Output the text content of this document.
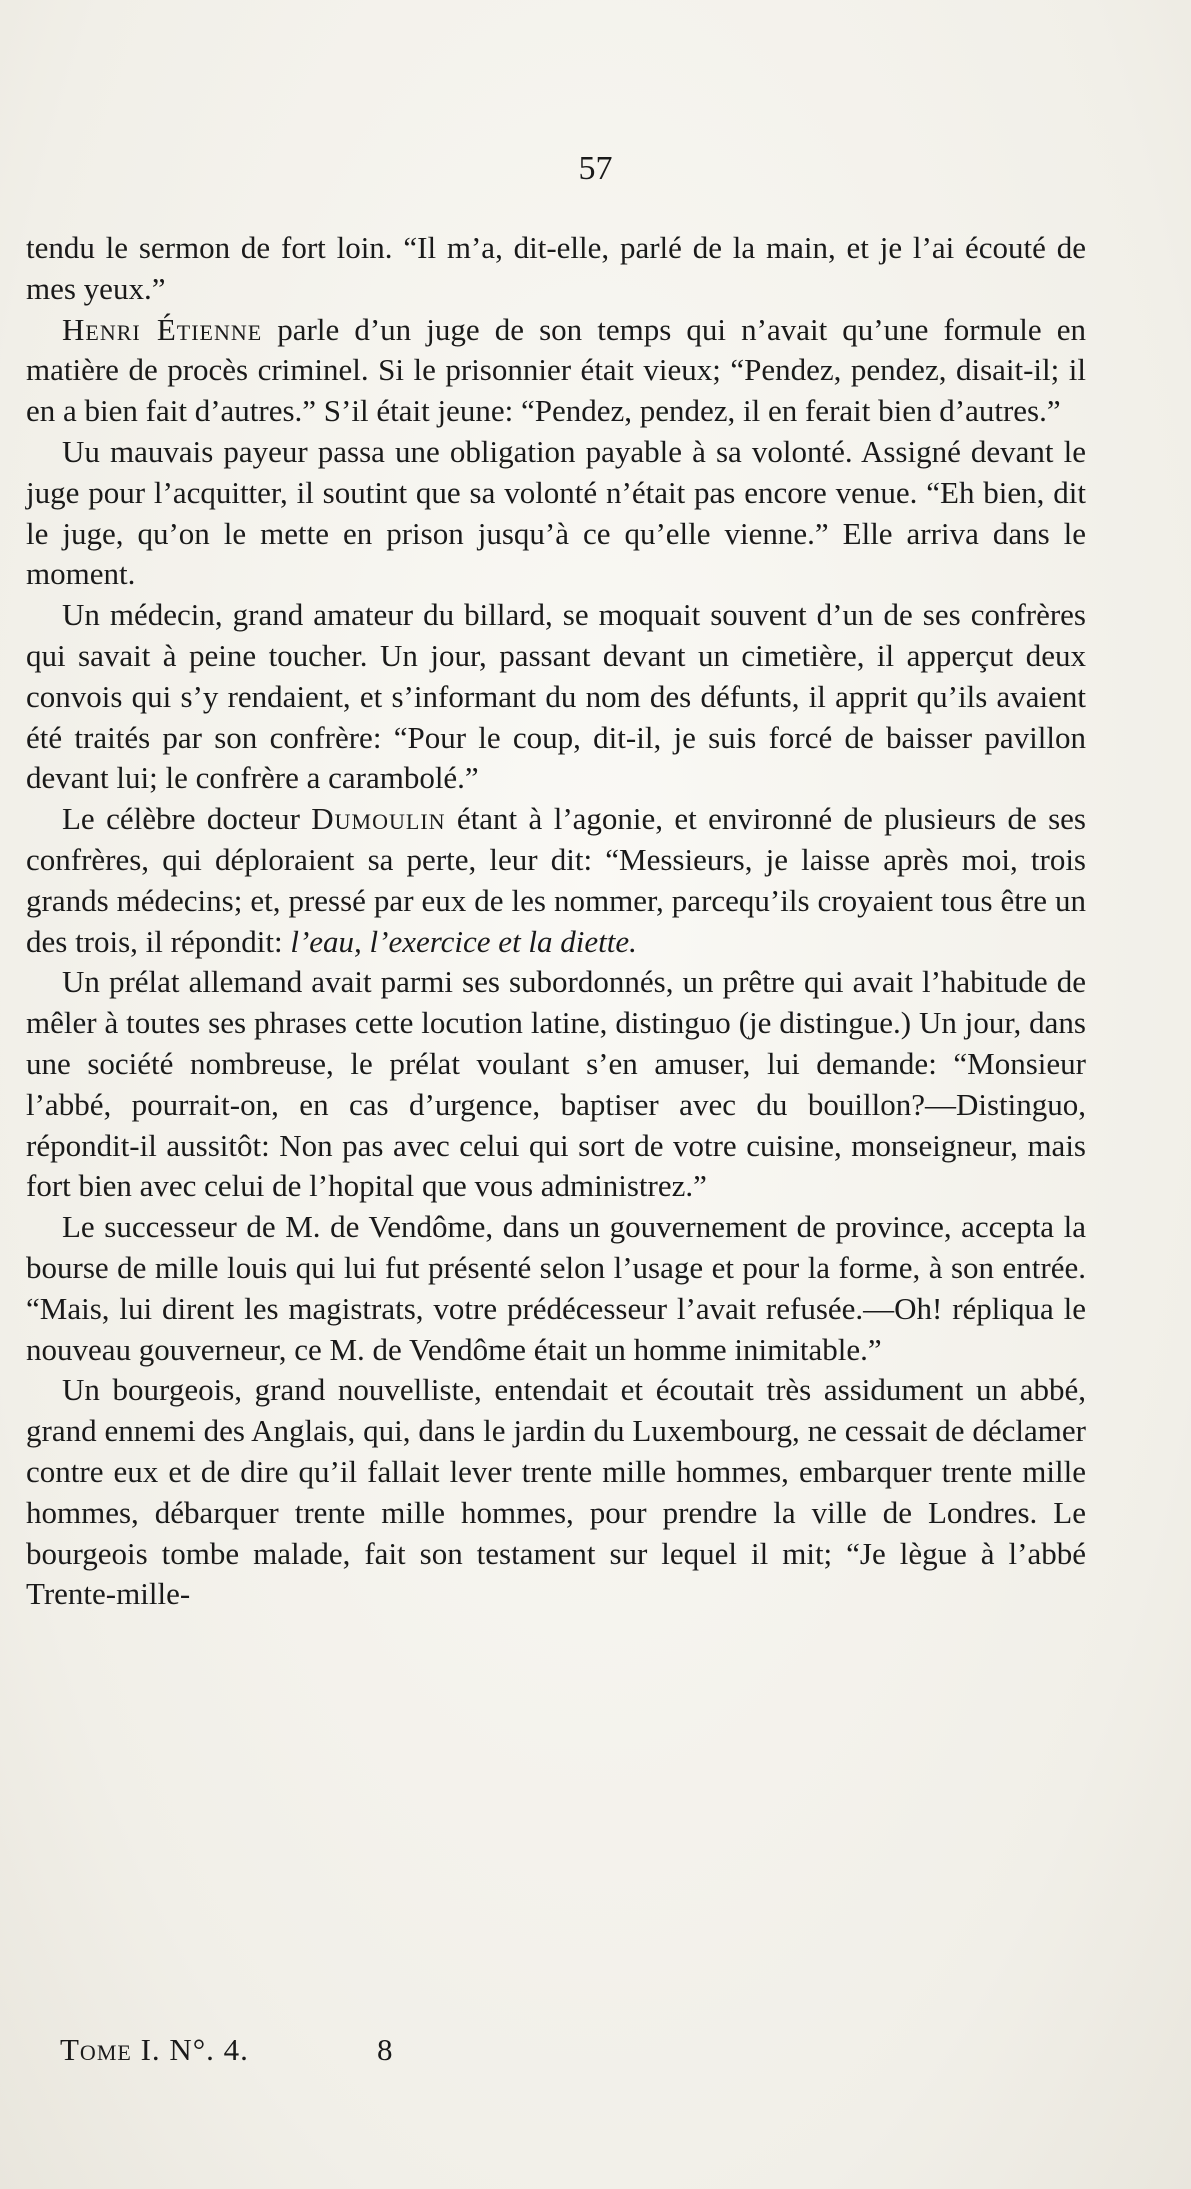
57

tendu le sermon de fort loin. “Il m’a, dit-elle, parlé de la main, et je l’ai écouté de mes yeux.”

Henri Étienne parle d’un juge de son temps qui n’avait qu’une formule en matière de procès criminel. Si le prisonnier était vieux; “Pendez, pendez, disait-il; il en a bien fait d’autres.” S’il était jeune: “Pendez, pendez, il en ferait bien d’autres.”

Uu mauvais payeur passa une obligation payable à sa volonté. Assigné devant le juge pour l’acquitter, il soutint que sa volonté n’était pas encore venue. “Eh bien, dit le juge, qu’on le mette en prison jusqu’à ce qu’elle vienne.” Elle arriva dans le moment.

Un médecin, grand amateur du billard, se moquait souvent d’un de ses confrères qui savait à peine toucher. Un jour, passant devant un cimetière, il apperçut deux convois qui s’y rendaient, et s’informant du nom des défunts, il apprit qu’ils avaient été traités par son confrère: “Pour le coup, dit-il, je suis forcé de baisser pavillon devant lui; le confrère a carambolé.”

Le célèbre docteur Dumoulin étant à l’agonie, et environné de plusieurs de ses confrères, qui déploraient sa perte, leur dit: “Messieurs, je laisse après moi, trois grands médecins; et, pressé par eux de les nommer, parcequ’ils croyaient tous être un des trois, il répondit: l’eau, l’exercice et la diette.

Un prélat allemand avait parmi ses subordonnés, un prêtre qui avait l’habitude de mêler à toutes ses phrases cette locution latine, distinguo (je distingue.) Un jour, dans une société nombreuse, le prélat voulant s’en amuser, lui demande: “Monsieur l’abbé, pourrait-on, en cas d’urgence, baptiser avec du bouillon?—Distinguo, répondit-il aussitôt: Non pas avec celui qui sort de votre cuisine, monseigneur, mais fort bien avec celui de l’hopital que vous administrez.”

Le successeur de M. de Vendôme, dans un gouvernement de province, accepta la bourse de mille louis qui lui fut présenté selon l’usage et pour la forme, à son entrée. “Mais, lui dirent les magistrats, votre prédécesseur l’avait refusée.—Oh! répliqua le nouveau gouverneur, ce M. de Vendôme était un homme inimitable.”

Un bourgeois, grand nouvelliste, entendait et écoutait très assidument un abbé, grand ennemi des Anglais, qui, dans le jardin du Luxembourg, ne cessait de déclamer contre eux et de dire qu’il fallait lever trente mille hommes, embarquer trente mille hommes, débarquer trente mille hommes, pour prendre la ville de Londres. Le bourgeois tombe malade, fait son testament sur lequel il mit; “Je lègue à l’abbé Trente-mille-

Tome I. N°. 4.	8
